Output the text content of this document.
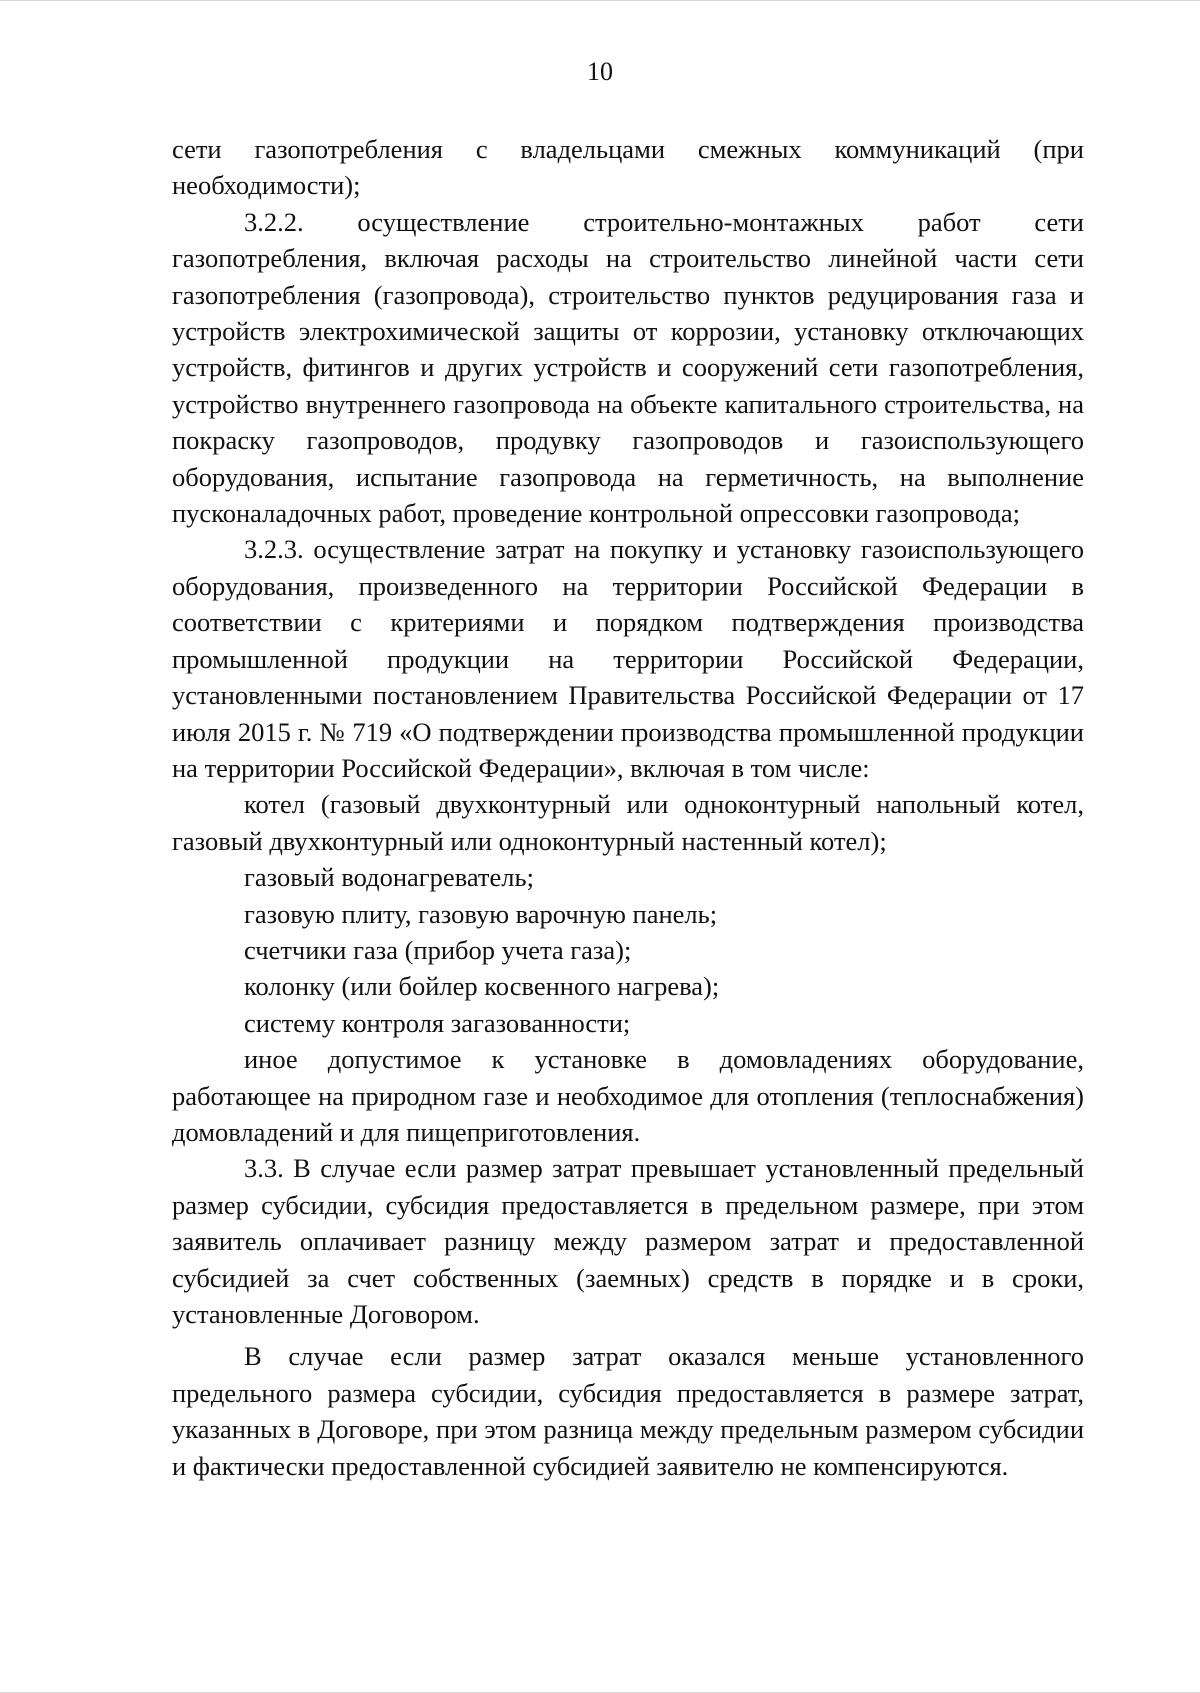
10

сети газопотребления с владельцами смежных коммуникаций (при необходимости);

3.2.2. осуществление строительно-монтажных работ сети газопотребления, включая расходы на строительство линейной части сети газопотребления (газопровода), строительство пунктов редуцирования газа и устройств электрохимической защиты от коррозии, установку отключающих устройств, фитингов и других устройств и сооружений сети газопотребления, устройство внутреннего газопровода на объекте капитального строительства, на покраску газопроводов, продувку газопроводов и газоиспользующего оборудования, испытание газопровода на герметичность, на выполнение пусконаладочных работ, проведение контрольной опрессовки газопровода;

3.2.3. осуществление затрат на покупку и установку газоиспользующего оборудования, произведенного на территории Российской Федерации в соответствии с критериями и порядком подтверждения производства промышленной продукции на территории Российской Федерации, установленными постановлением Правительства Российской Федерации от 17 июля 2015 г. № 719 «О подтверждении производства промышленной продукции на территории Российской Федерации», включая в том числе:

котел (газовый двухконтурный или одноконтурный напольный котел, газовый двухконтурный или одноконтурный настенный котел);

газовый водонагреватель;

газовую плиту, газовую варочную панель;

счетчики газа (прибор учета газа);

колонку (или бойлер косвенного нагрева);

систему контроля загазованности;

иное допустимое к установке в домовладениях оборудование, работающее на природном газе и необходимое для отопления (теплоснабжения) домовладений и для пищеприготовления.

3.3. В случае если размер затрат превышает установленный предельный размер субсидии, субсидия предоставляется в предельном размере, при этом заявитель оплачивает разницу между размером затрат и предоставленной субсидией за счет собственных (заемных) средств в порядке и в сроки, установленные Договором.

В случае если размер затрат оказался меньше установленного предельного размера субсидии, субсидия предоставляется в размере затрат, указанных в Договоре, при этом разница между предельным размером субсидии и фактически предоставленной субсидией заявителю не компенсируются.
